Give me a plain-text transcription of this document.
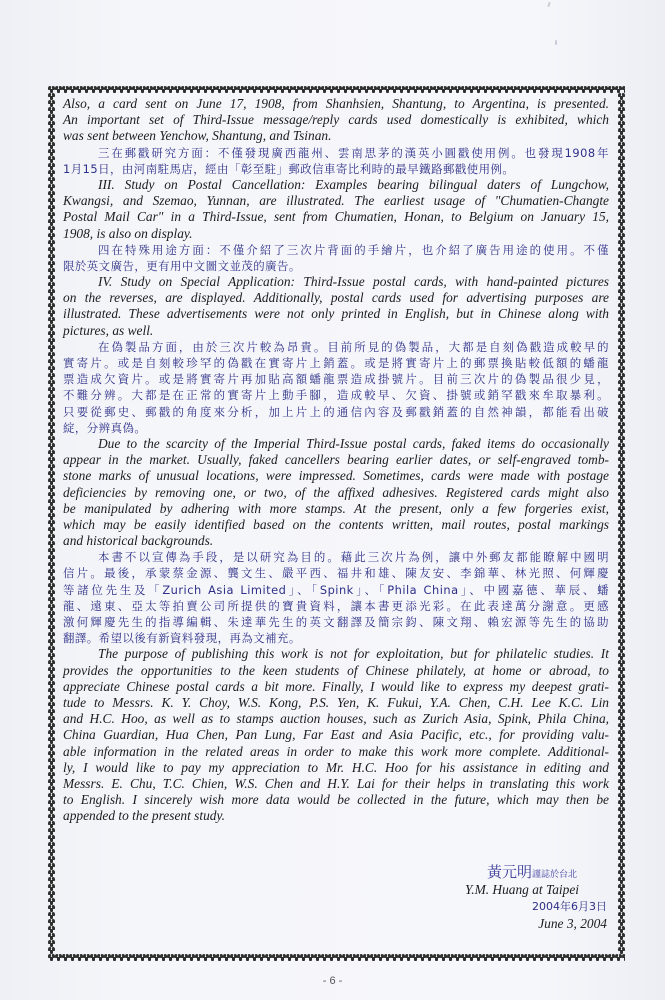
Also, a card sent on June 17, 1908, from Shanhsien, Shantung, to Argentina, is presented.
An important set of Third-Issue message/reply cards used domestically is exhibited, which
was sent between Yenchow, Shantung, and Tsinan.
三在郵戳研究方面：不僅發現廣西龍州、雲南思茅的漢英小圓戳使用例。也發現1908年
1月15日，由河南駐馬店，經由「彰至駐」郵政信車寄比利時的最早鐵路郵戳使用例。
III. Study on Postal Cancellation: Examples bearing bilingual daters of Lungchow,
Kwangsi, and Szemao, Yunnan, are illustrated. The earliest usage of "Chumatien-Changte
Postal Mail Car" in a Third-Issue, sent from Chumatien, Honan, to Belgium on January 15,
1908, is also on display.
四在特殊用途方面：不僅介紹了三次片背面的手繪片，也介紹了廣告用途的使用。不僅
限於英文廣告，更有用中文圖文並茂的廣告。
IV. Study on Special Application: Third-Issue postal cards, with hand-painted pictures
on the reverses, are displayed. Additionally, postal cards used for advertising purposes are
illustrated. These advertisements were not only printed in English, but in Chinese along with
pictures, as well.
在偽製品方面，由於三次片較為昂貴。目前所見的偽製品，大都是自刻偽戳造成較早的
實寄片。或是自刻較珍罕的偽戳在實寄片上銷蓋。或是將實寄片上的郵票換貼較低額的蟠龍
票造成欠資片。或是將實寄片再加貼高額蟠龍票造成掛號片。目前三次片的偽製品很少見，
不難分辨。大都是在正常的實寄片上動手腳，造成較早、欠資、掛號或銷罕戳來牟取暴利。
只要從郵史、郵戳的角度來分析，加上片上的通信內容及郵戳銷蓋的自然神韻，都能看出破
綻，分辨真偽。
Due to the scarcity of the Imperial Third-Issue postal cards, faked items do occasionally
appear in the market. Usually, faked cancellers bearing earlier dates, or self-engraved tomb-
stone marks of unusual locations, were impressed. Sometimes, cards were made with postage
deficiencies by removing one, or two, of the affixed adhesives. Registered cards might also
be manipulated by adhering with more stamps. At the present, only a few forgeries exist,
which may be easily identified based on the contents written, mail routes, postal markings
and historical backgrounds.
本書不以宣傳為手段，是以研究為目的。藉此三次片為例，讓中外郵友都能瞭解中國明
信片。最後，承蒙蔡金源、龔文生、嚴平西、福井和雄、陳友安、李錦華、林光照、何輝慶
等諸位先生及「Zurich Asia Limited」、「Spink」、「Phila China」、中國嘉德、華辰、蟠
龍、遠東、亞太等拍賣公司所提供的寶貴資料，讓本書更添光彩。在此表達萬分謝意。更感
激何輝慶先生的指導編輯、朱達華先生的英文翻譯及簡宗鈞、陳文翔、賴宏源等先生的協助
翻譯。希望以後有新資料發現，再為文補充。
The purpose of publishing this work is not for exploitation, but for philatelic studies. It
provides the opportunities to the keen students of Chinese philately, at home or abroad, to
appreciate Chinese postal cards a bit more. Finally, I would like to express my deepest grati-
tude to Messrs. K. Y. Choy, W.S. Kong, P.S. Yen, K. Fukui, Y.A. Chen, C.H. Lee K.C. Lin
and H.C. Hoo, as well as to stamps auction houses, such as Zurich Asia, Spink, Phila China,
China Guardian, Hua Chen, Pan Lung, Far East and Asia Pacific, etc., for providing valu-
able information in the related areas in order to make this work more complete. Additional-
ly, I would like to pay my appreciation to Mr. H.C. Hoo for his assistance in editing and
Messrs. E. Chu, T.C. Chien, W.S. Chen and H.Y. Lai for their helps in translating this work
to English. I sincerely wish more data would be collected in the future, which may then be
appended to the present study.
黃元明謹誌於台北
Y.M. Huang at Taipei
2004年6月3日
June 3, 2004
- 6 -
